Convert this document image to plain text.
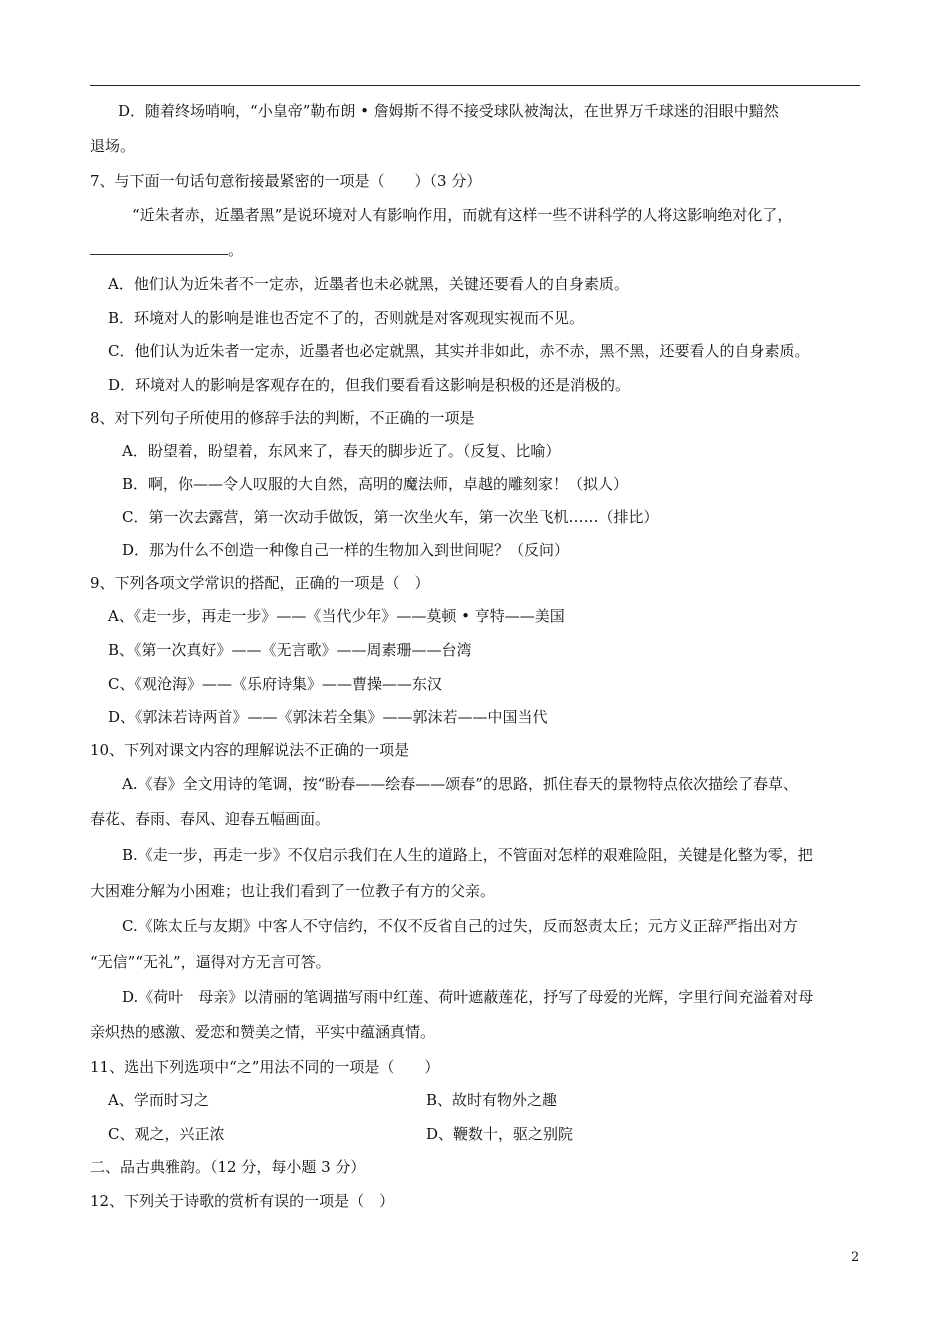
D．随着终场哨响，“小皇帝”勒布朗 • 詹姆斯不得不接受球队被淘汰，在世界万千球迷的泪眼中黯然
退场。
7、与下面一句话句意衔接最紧密的一项是（　　）（3 分）
“近朱者赤，近墨者黑”是说环境对人有影响作用，而就有这样一些不讲科学的人将这影响绝对化了，
。
A．他们认为近朱者不一定赤，近墨者也未必就黑，关键还要看人的自身素质。
B．环境对人的影响是谁也否定不了的，否则就是对客观现实视而不见。
C．他们认为近朱者一定赤，近墨者也必定就黑，其实并非如此，赤不赤，黑不黑，还要看人的自身素质。
D．环境对人的影响是客观存在的，但我们要看看这影响是积极的还是消极的。
8、对下列句子所使用的修辞手法的判断，不正确的一项是
A．盼望着，盼望着，东风来了，春天的脚步近了。（反复、比喻）
B．啊，你——令人叹服的大自然，高明的魔法师，卓越的雕刻家！（拟人）
C．第一次去露营，第一次动手做饭，第一次坐火车，第一次坐飞机……（排比）
D．那为什么不创造一种像自己一样的生物加入到世间呢？（反问）
9、下列各项文学常识的搭配，正确的一项是（　）
A、《走一步，再走一步》——《当代少年》——莫顿 • 亨特——美国
B、《第一次真好》——《无言歌》——周素珊——台湾
C、《观沧海》——《乐府诗集》——曹操——东汉
D、《郭沫若诗两首》——《郭沫若全集》——郭沫若——中国当代
10、下列对课文内容的理解说法不正确的一项是
A.《春》全文用诗的笔调，按“盼春——绘春——颂春”的思路，抓住春天的景物特点依次描绘了春草、
春花、春雨、春风、迎春五幅画面。
B.《走一步，再走一步》不仅启示我们在人生的道路上，不管面对怎样的艰难险阻，关键是化整为零，把
大困难分解为小困难；也让我们看到了一位教子有方的父亲。
C.《陈太丘与友期》中客人不守信约，不仅不反省自己的过失，反而怒责太丘；元方义正辞严指出对方
“无信”“无礼”，逼得对方无言可答。
D.《荷叶　母亲》以清丽的笔调描写雨中红莲、荷叶遮蔽莲花，抒写了母爱的光辉，字里行间充溢着对母
亲炽热的感激、爱恋和赞美之情，平实中蕴涵真情。
11、选出下列选项中“之”用法不同的一项是（　　）
A、学而时习之	B、故时有物外之趣
C、观之，兴正浓	D、鞭数十，驱之别院
二、品古典雅韵。（12 分，每小题 3 分）
12、下列关于诗歌的赏析有误的一项是（　）
2
